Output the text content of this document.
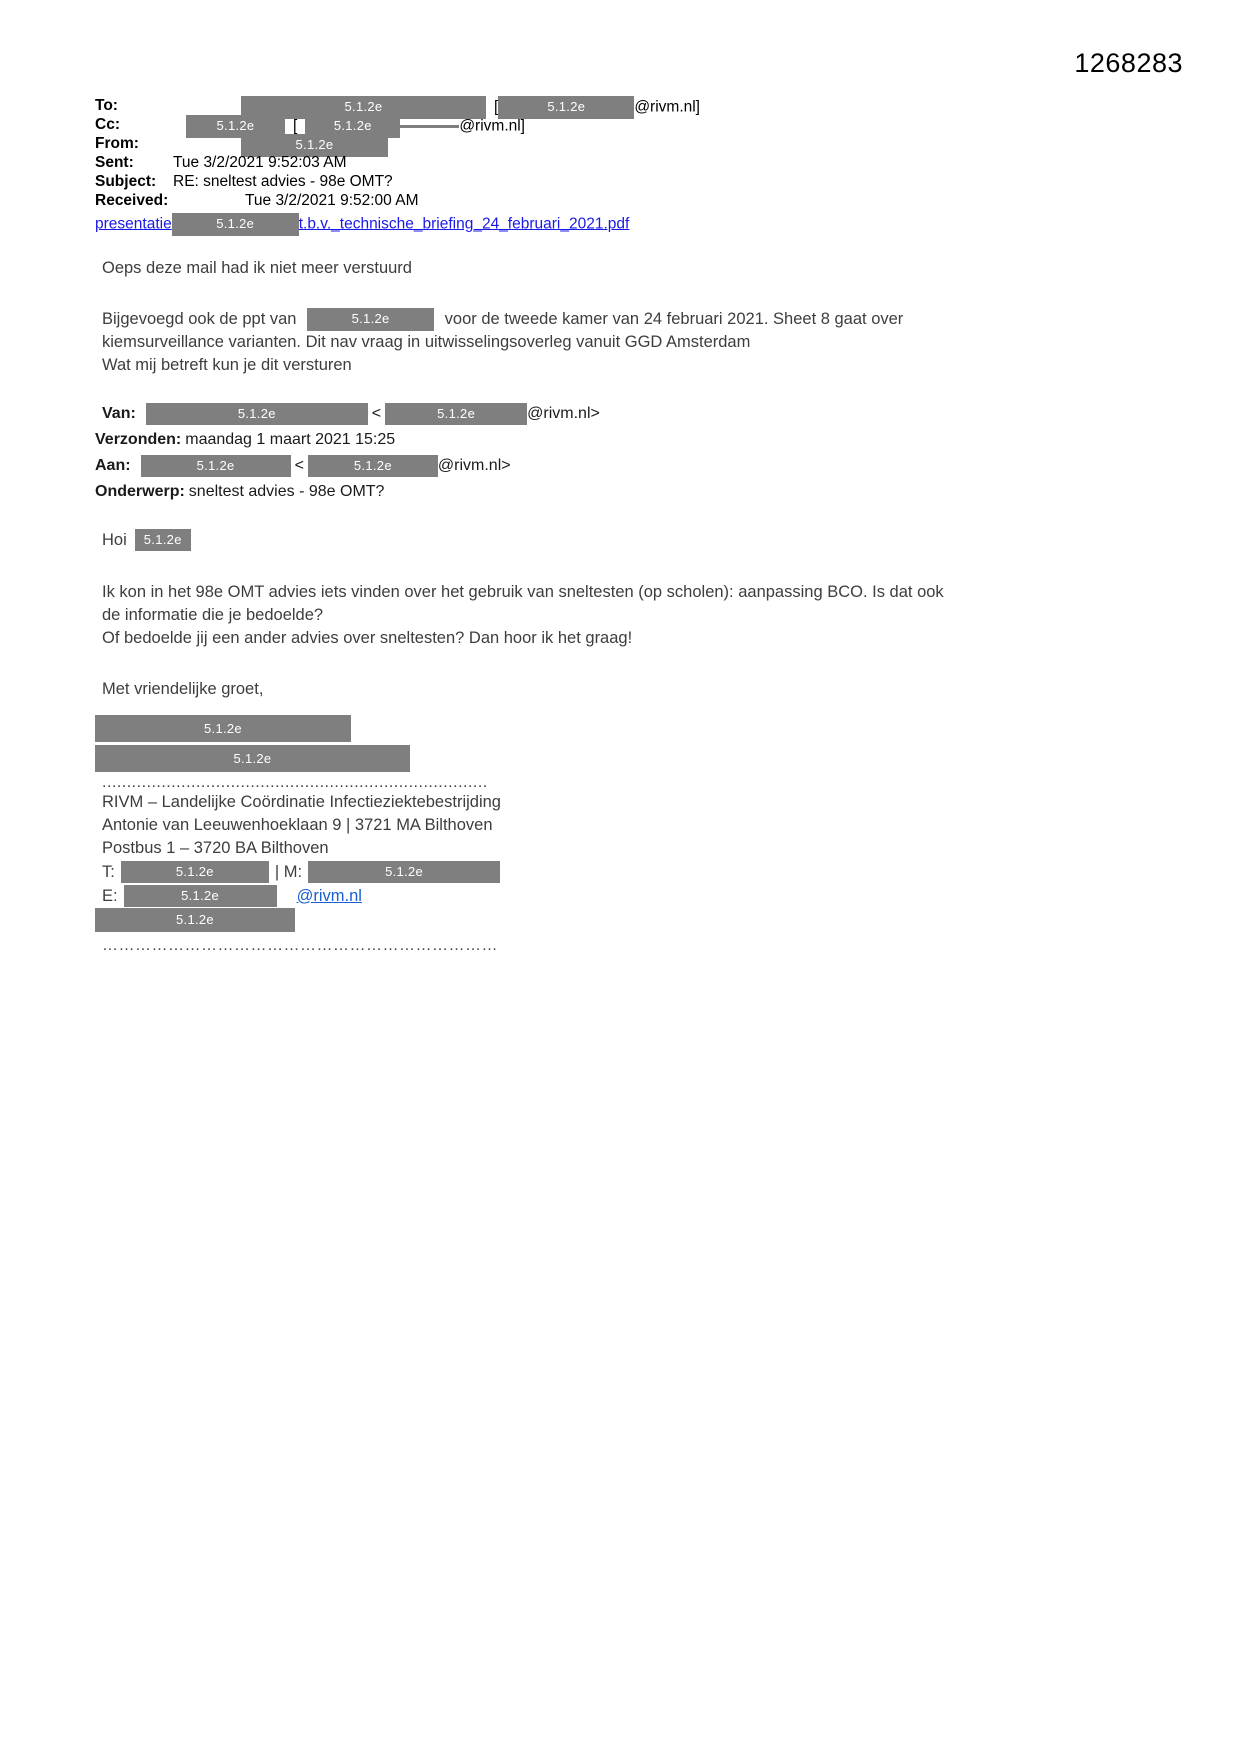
1268283
To:	5.1.2e	[	5.1.2e	@rivm.nl]
Cc:	5.1.2e [	5.1.2e	@rivm.nl]
From:	5.1.2e
Sent:	Tue 3/2/2021 9:52:03 AM
Subject:	RE: sneltest advies - 98e OMT?
Received:	Tue 3/2/2021 9:52:00 AM
presentatie	5.1.2e	t.b.v._technische_briefing_24_februari_2021.pdf
Oeps deze mail had ik niet meer verstuurd
Bijgevoegd ook de ppt van	5.1.2e	voor de tweede kamer van 24 februari 2021. Sheet 8 gaat over
kiemsurveillance varianten. Dit nav vraag in uitwisselingsoverleg vanuit GGD Amsterdam
Wat mij betreft kun je dit versturen
Van:	5.1.2e	<	5.1.2e	@rivm.nl>
Verzonden: maandag 1 maart 2021 15:25
Aan:	5.1.2e	<	5.1.2e	@rivm.nl>
Onderwerp: sneltest advies - 98e OMT?
Hoi	5.1.2e
Ik kon in het 98e OMT advies iets vinden over het gebruik van sneltesten (op scholen): aanpassing BCO. Is dat ook
de informatie die je bedoelde?
Of bedoelde jij een ander advies over sneltesten? Dan hoor ik het graag!
Met vriendelijke groet,
5.1.2e
5.1.2e
..............................................................................
RIVM – Landelijke Coördinatie Infectieziektebestrijding
Antonie van Leeuwenhoeklaan 9 | 3721 MA Bilthoven
Postbus 1 – 3720 BA Bilthoven
T:	5.1.2e	| M:	5.1.2e
E:	5.1.2e	@rivm.nl
5.1.2e
………………………………………………………………
